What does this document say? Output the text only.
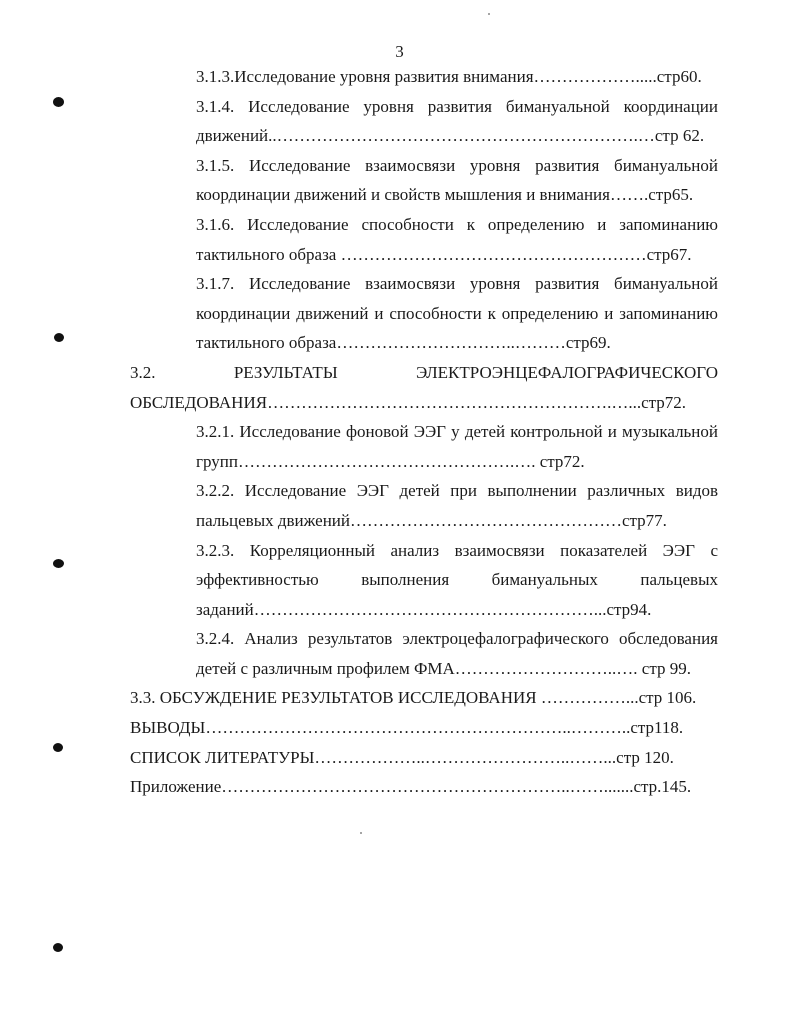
3
3.1.3.Исследование уровня развития внимания……………….....стр60.
3.1.4. Исследование уровня развития бимануальной координации движений..……………………………………………………….…стр 62.
3.1.5. Исследование взаимосвязи уровня развития бимануальной координации движений и свойств мышления и внимания…….стр65.
3.1.6. Исследование способности к определению и запоминанию тактильного образа ………………………………………………стр67.
3.1.7. Исследование взаимосвязи уровня развития бимануальной координации движений и способности к определению и запоминанию тактильного образа…………………………..………стр69.
3.2. РЕЗУЛЬТАТЫ ЭЛЕКТРОЭНЦЕФАЛОГРАФИЧЕСКОГО ОБСЛЕДОВАНИЯ…………………………………………………….…...стр72.
3.2.1. Исследование фоновой ЭЭГ у детей контрольной и музыкальной групп………………………………………….…. стр72.
3.2.2. Исследование ЭЭГ детей при выполнении различных видов пальцевых движений…………………………………………стр77.
3.2.3. Корреляционный анализ взаимосвязи показателей ЭЭГ с эффективностью выполнения бимануальных пальцевых заданий……………………………………………………...стр94.
3.2.4. Анализ результатов электроцефалографического обследования детей с различным профилем ФМА………………………..…. стр 99.
3.3. ОБСУЖДЕНИЕ РЕЗУЛЬТАТОВ ИССЛЕДОВАНИЯ ……………...стр 106.
ВЫВОДЫ………………………………………………………..………..стр118.
СПИСОК ЛИТЕРАТУРЫ………………..……………………..……...стр 120.
Приложение……………………………………………………..…….......стр.145.
